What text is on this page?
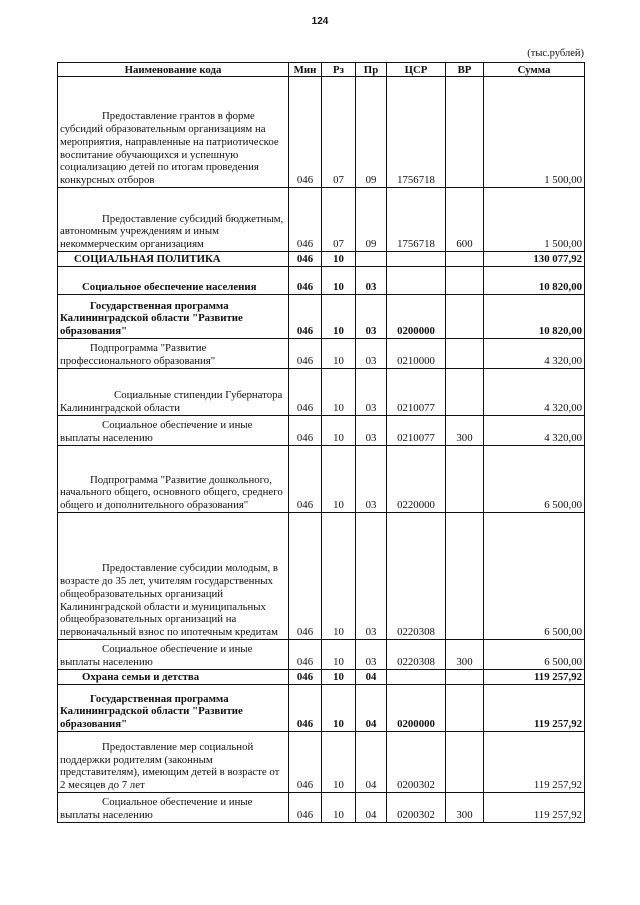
124
(тыс.рублей)
Наименование кода	Мин	Рз	Пр	ЦСР	ВР	Сумма
Предоставление грантов в форме субсидий образовательным организациям на мероприятия, направленные на патриотическое воспитание обучающихся и успешную социализацию детей по итогам проведения конкурсных отборов	046	07	09	1756718		1 500,00
Предоставление субсидий бюджетным, автономным учреждениям и иным некоммерческим организациям	046	07	09	1756718	600	1 500,00
СОЦИАЛЬНАЯ ПОЛИТИКА	046	10				130 077,92
Социальное обеспечение населения	046	10	03			10 820,00
Государственная программа Калининградской области "Развитие образования"	046	10	03	0200000		10 820,00
Подпрограмма "Развитие профессионального образования"	046	10	03	0210000		4 320,00
Социальные стипендии Губернатора Калининградской области	046	10	03	0210077		4 320,00
Социальное обеспечение и иные выплаты населению	046	10	03	0210077	300	4 320,00
Подпрограмма "Развитие дошкольного, начального общего, основного общего, среднего общего и дополнительного образования"	046	10	03	0220000		6 500,00
Предоставление субсидии молодым, в возрасте до 35 лет, учителям государственных общеобразовательных организаций Калининградской области и муниципальных общеобразовательных организаций на первоначальный взнос по ипотечным кредитам	046	10	03	0220308		6 500,00
Социальное обеспечение и иные выплаты населению	046	10	03	0220308	300	6 500,00
Охрана семьи и детства	046	10	04			119 257,92
Государственная программа Калининградской области "Развитие образования"	046	10	04	0200000		119 257,92
Предоставление мер социальной поддержки родителям (законным представителям), имеющим детей в возрасте от 2 месяцев до 7 лет	046	10	04	0200302		119 257,92
Социальное обеспечение и иные выплаты населению	046	10	04	0200302	300	119 257,92
